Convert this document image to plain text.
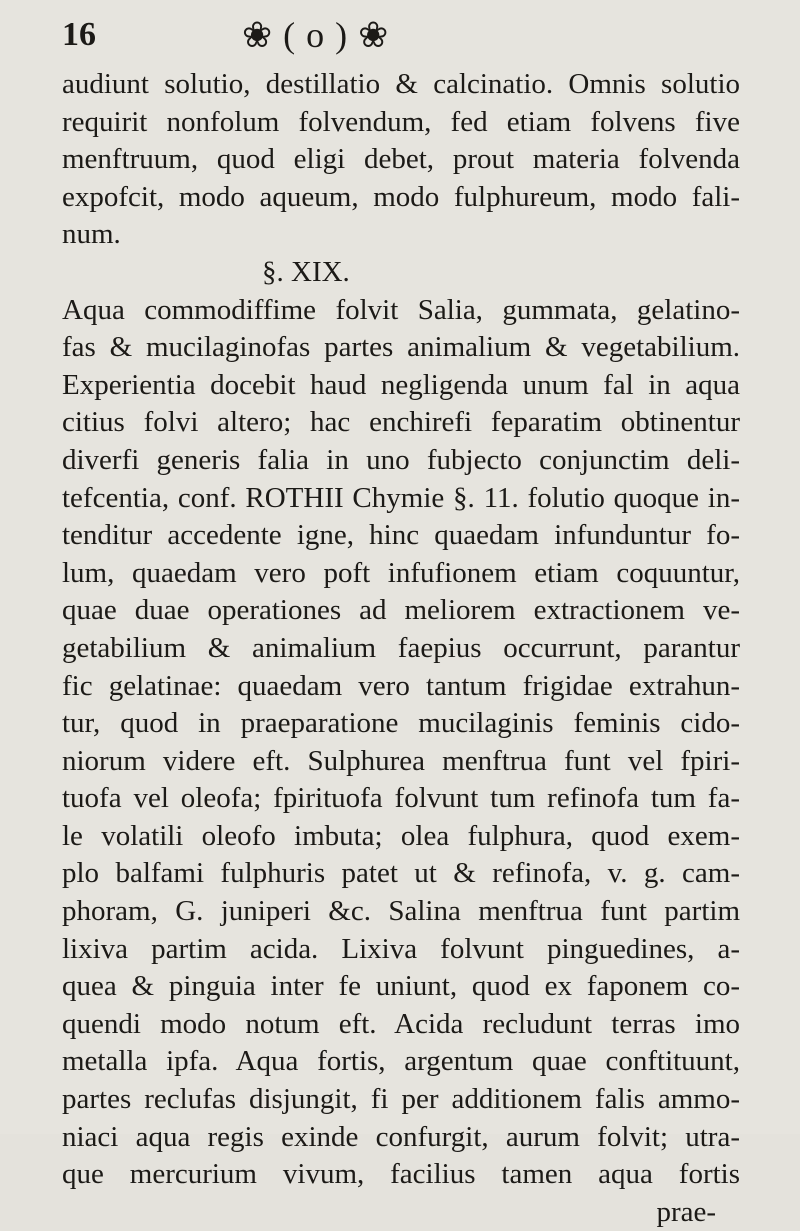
16	❀ ( o ) ❀
audiunt solutio, destillatio & calcinatio. Omnis solutio
requirit nonfolum folvendum, fed etiam folvens five
menftruum, quod eligi debet, prout materia folvenda
expofcit, modo aqueum, modo fulphureum, modo fali-
num.
§. XIX.
Aqua commodiffime folvit Salia, gummata, gelatino-
fas & mucilaginofas partes animalium & vegetabilium.
Experientia docebit haud negligenda unum fal in aqua
citius folvi altero; hac enchirefi feparatim obtinentur
diverfi generis falia in uno fubjecto conjunctim deli-
tefcentia, conf. ROTHII Chymie §. 11. folutio quoque in-
tenditur accedente igne, hinc quaedam infunduntur fo-
lum, quaedam vero poft infufionem etiam coquuntur,
quae duae operationes ad meliorem extractionem ve-
getabilium & animalium faepius occurrunt, parantur
fic gelatinae: quaedam vero tantum frigidae extrahun-
tur, quod in praeparatione mucilaginis feminis cido-
niorum videre eft. Sulphurea menftrua funt vel fpiri-
tuofa vel oleofa; fpirituofa folvunt tum refinofa tum fa-
le volatili oleofo imbuta; olea fulphura, quod exem-
plo balfami fulphuris patet ut & refinofa, v. g. cam-
phoram, G. juniperi &c. Salina menftrua funt partim
lixiva partim acida. Lixiva folvunt pinguedines, a-
quea & pinguia inter fe uniunt, quod ex faponem co-
quendi modo notum eft. Acida recludunt terras imo
metalla ipfa. Aqua fortis, argentum quae conftituunt,
partes reclufas disjungit, fi per additionem falis ammo-
niaci aqua regis exinde confurgit, aurum folvit; utra-
que mercurium vivum, facilius tamen aqua fortis
prae-
